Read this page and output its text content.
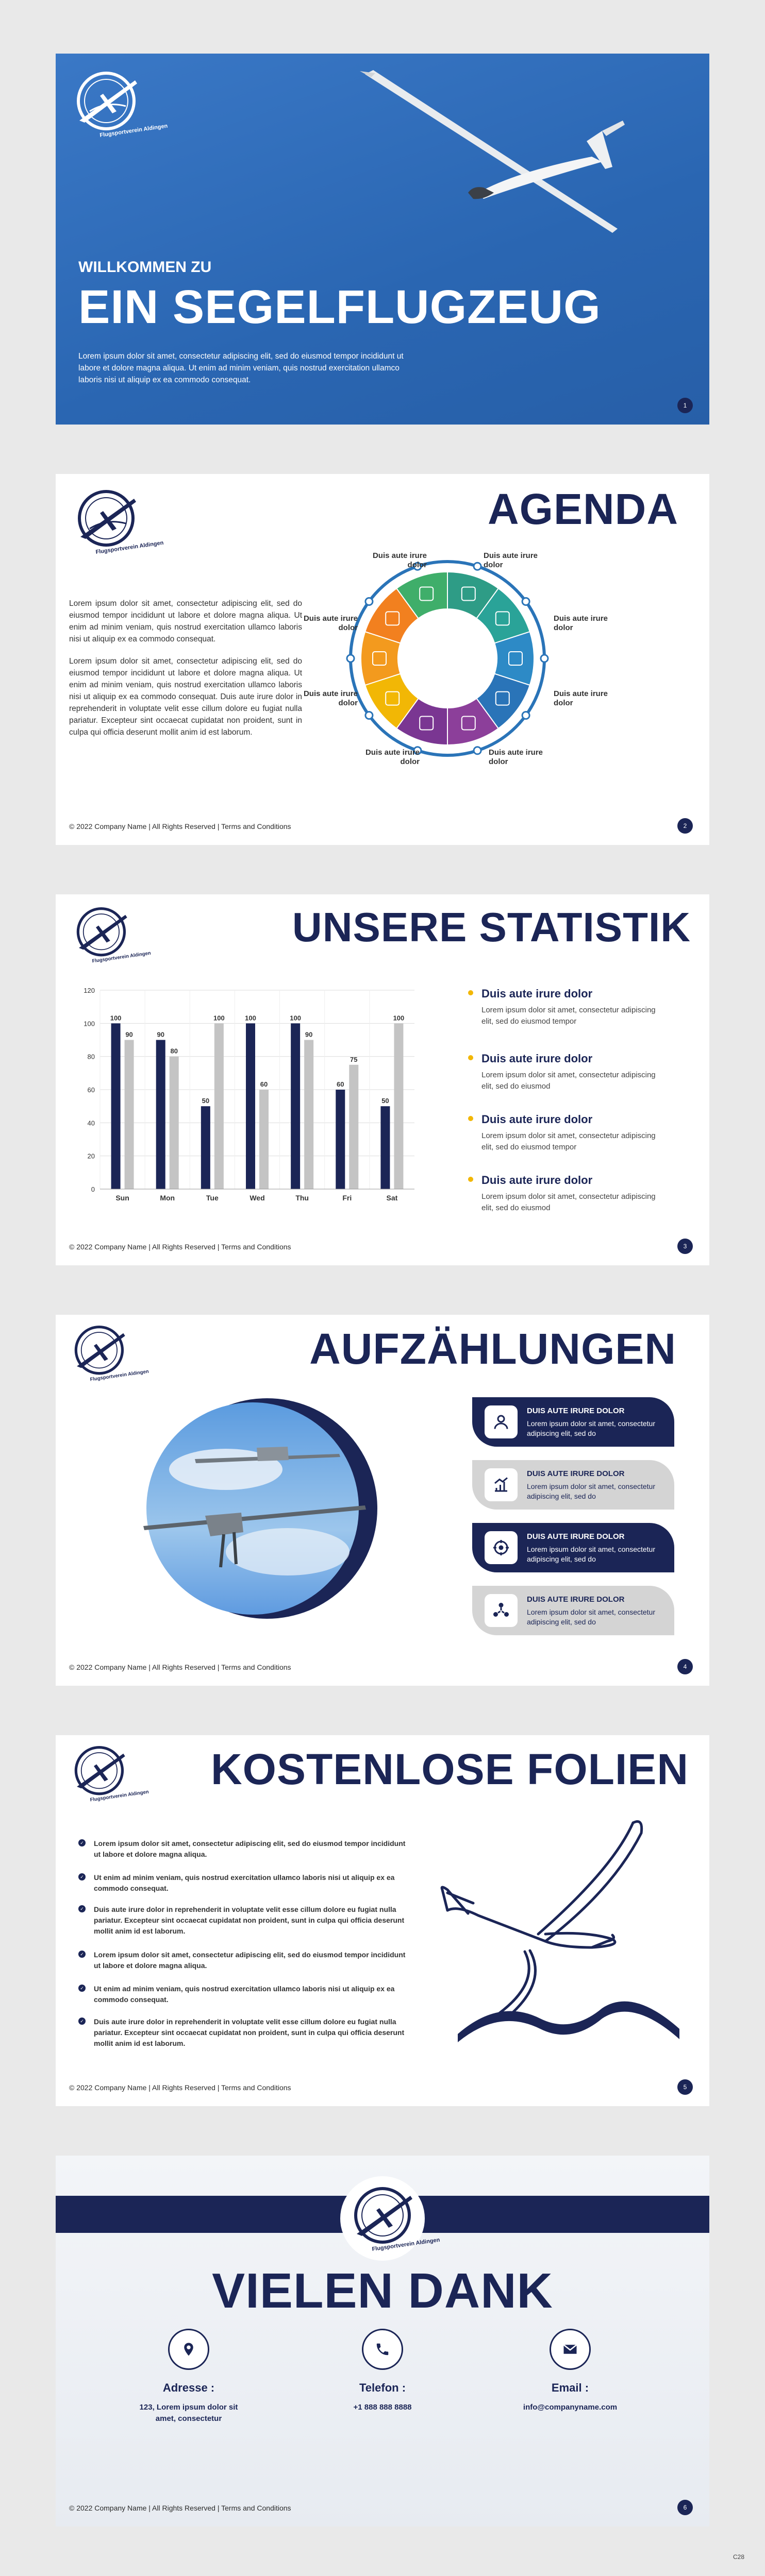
Flugsportverein Aldingen
WILLKOMMEN ZU
EIN SEGELFLUGZEUG
Lorem ipsum dolor sit amet, consectetur adipiscing elit, sed do eiusmod tempor incididunt ut labore et dolore magna aliqua. Ut enim ad minim veniam, quis nostrud exercitation ullamco laboris nisi ut aliquip ex ea commodo consequat.
1
Flugsportverein Aldingen
AGENDA

Lorem ipsum dolor sit amet, consectetur adipiscing elit, sed do eiusmod tempor incididunt ut labore et dolore magna aliqua. Ut enim ad minim veniam, quis nostrud exercitation ullamco laboris nisi ut aliquip ex ea commodo consequat.

Lorem ipsum dolor sit amet, consectetur adipiscing elit, sed do eiusmod tempor incididunt ut labore et dolore magna aliqua. Ut enim ad minim veniam, quis nostrud exercitation ullamco laboris nisi ut aliquip ex ea commodo consequat. Duis aute irure dolor in reprehenderit in voluptate velit esse cillum dolore eu fugiat nulla pariatur. Excepteur sint occaecat cupidatat non proident, sunt in culpa qui officia deserunt mollit anim id est laborum.

Duis aute irure dolor
Duis aute irure dolor
Duis aute irure dolor
Duis aute irure dolor
Duis aute irure dolor
Duis aute irure dolor
Duis aute irure dolor
Duis aute irure dolor
© 2022 Company Name | All Rights Reserved | Terms and Conditions	2
Flugsportverein Aldingen
UNSERE STATISTIK
0
20
40
60
80
100
120
100
90
Sun
90
80
Mon
50
100
Tue
100
60
Wed
100
90
Thu
60
75
Fri
50
100
Sat
Duis aute irure dolor
Lorem ipsum dolor sit amet, consectetur adipiscing elit, sed do eiusmod tempor
Duis aute irure dolor
Lorem ipsum dolor sit amet, consectetur adipiscing elit, sed do eiusmod
Duis aute irure dolor
Lorem ipsum dolor sit amet, consectetur adipiscing elit, sed do eiusmod tempor
Duis aute irure dolor
Lorem ipsum dolor sit amet, consectetur adipiscing elit, sed do eiusmod
© 2022 Company Name | All Rights Reserved | Terms and Conditions	3
Flugsportverein Aldingen
AUFZÄHLUNGEN
DUIS AUTE IRURE DOLOR
Lorem ipsum dolor sit amet, consectetur adipiscing elit, sed do
DUIS AUTE IRURE DOLOR
Lorem ipsum dolor sit amet, consectetur adipiscing elit, sed do
DUIS AUTE IRURE DOLOR
Lorem ipsum dolor sit amet, consectetur adipiscing elit, sed do
DUIS AUTE IRURE DOLOR
Lorem ipsum dolor sit amet, consectetur adipiscing elit, sed do
© 2022 Company Name | All Rights Reserved | Terms and Conditions	4
Flugsportverein Aldingen
KOSTENLOSE FOLIEN
✓ Lorem ipsum dolor sit amet, consectetur adipiscing elit, sed do eiusmod tempor incididunt ut labore et dolore magna aliqua.
✓ Ut enim ad minim veniam, quis nostrud exercitation ullamco laboris nisi ut aliquip ex ea commodo consequat.
✓ Duis aute irure dolor in reprehenderit in voluptate velit esse cillum dolore eu fugiat nulla pariatur. Excepteur sint occaecat cupidatat non proident, sunt in culpa qui officia deserunt mollit anim id est laborum.
✓ Lorem ipsum dolor sit amet, consectetur adipiscing elit, sed do eiusmod tempor incididunt ut labore et dolore magna aliqua.
✓ Ut enim ad minim veniam, quis nostrud exercitation ullamco laboris nisi ut aliquip ex ea commodo consequat.
✓ Duis aute irure dolor in reprehenderit in voluptate velit esse cillum dolore eu fugiat nulla pariatur. Excepteur sint occaecat cupidatat non proident, sunt in culpa qui officia deserunt mollit anim id est laborum.
© 2022 Company Name | All Rights Reserved | Terms and Conditions	5
Flugsportverein Aldingen
VIELEN DANK
Adresse :
123, Lorem ipsum dolor sit amet, consectetur
Telefon :
+1 888 888 8888
Email :
info@companyname.com
© 2022 Company Name | All Rights Reserved | Terms and Conditions	6
C28
